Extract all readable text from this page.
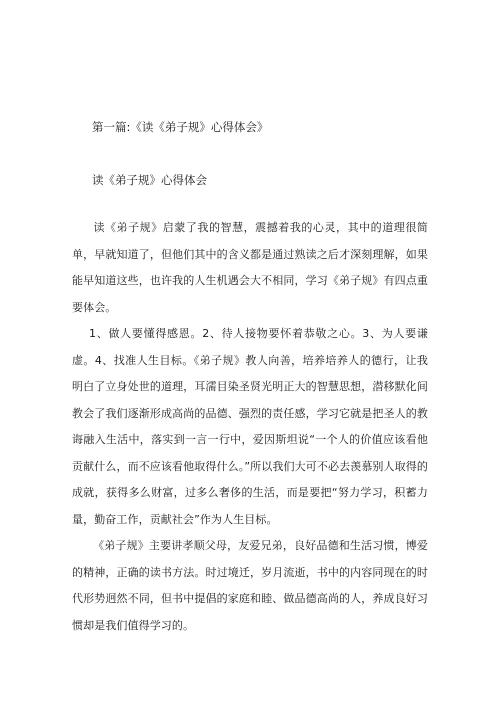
第一篇:《读《弟子规》心得体会》
读《弟子规》心得体会
读《弟子规》启蒙了我的智慧，震撼着我的心灵，其中的道理很简单，早就知道了，但他们其中的含义都是通过熟读之后才深刻理解，如果能早知道这些，也许我的人生机遇会大不相同，学习《弟子规》有四点重要体会。
1、做人要懂得感恩。2、待人接物要怀着恭敬之心。3、为人要谦虚。4、找准人生目标。《弟子规》教人向善，培养培养人的德行，让我明白了立身处世的道理，耳濡目染圣贤光明正大的智慧思想，潜移默化间教会了我们逐渐形成高尚的品德、强烈的责任感，学习它就是把圣人的教诲融入生活中，落实到一言一行中，爱因斯坦说“一个人的价值应该看他贡献什么，而不应该看他取得什么。”所以我们大可不必去羡慕别人取得的成就，获得多么财富，过多么奢侈的生活，而是要把“努力学习，积蓄力量，勤奋工作，贡献社会”作为人生目标。
《弟子规》主要讲孝顺父母，友爱兄弟，良好品德和生活习惯，博爱的精神，正确的读书方法。时过境迁，岁月流逝，书中的内容同现在的时代形势迥然不同，但书中提倡的家庭和睦、做品德高尚的人，养成良好习惯却是我们值得学习的。
